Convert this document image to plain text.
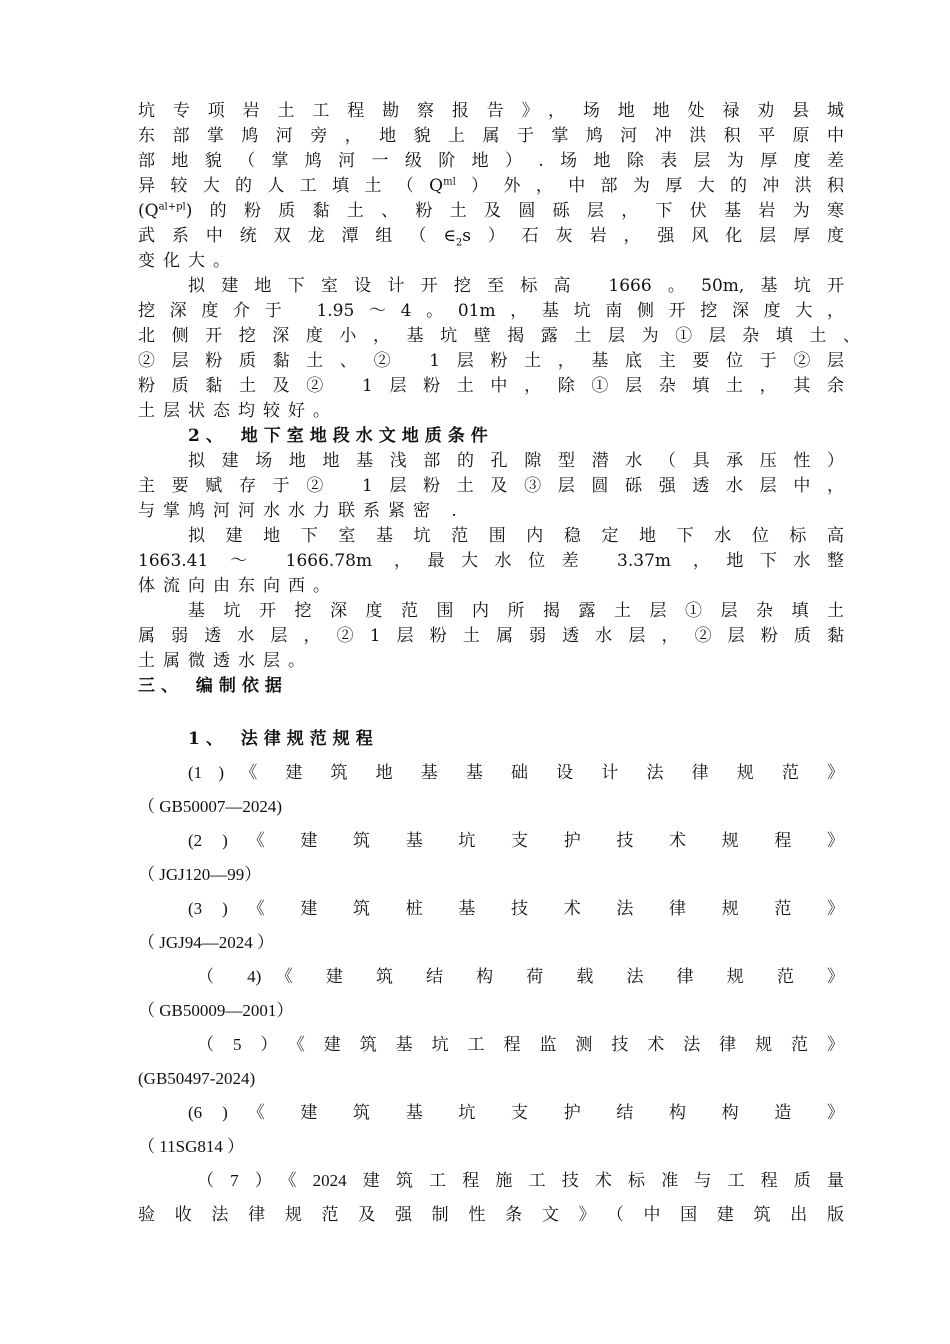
坑专项岩土工程勘察报告》，场地地处禄劝县城
东部掌鸠河旁，地貌上属于掌鸠河冲洪积平原中
部地貌（掌鸠河一级阶地）.场地除表层为厚度差
异较大的人工填土$(Q^{ml})$外，中部为厚大的冲洪积
$(Q^{al+pl})$的粉质黏土、粉土及圆砾层，下伏基岩为寒
武系中统双龙潭组$(\in_2s)$石灰岩，强风化层厚度
变化大。
拟建地下室设计开挖至标高 1666。50m,基坑开
挖深度介于 1.95～4。01m，基坑南侧开挖深度大，
北侧开挖深度小，基坑壁揭露土层为①层杂填土、
②层粉质黏土、② 1层粉土，基底主要位于②层
粉质黏土及② 1层粉土中，除①层杂填土，其余
土层状态均较好。
2、 地下室地段水文地质条件
拟建场地地基浅部的孔隙型潜水（具承压性）
主要赋存于② 1层粉土及③层圆砾强透水层中，
与掌鸠河河水水力联系紧密 .
拟建地下室基坑范围内稳定地下水位标高
1663.41 ～ 1666.78m ，最大水位差 3.37m ，地下水整
体流向由东向西。
基坑开挖深度范围内所揭露土层①层杂填土
属弱透水层，②1层粉土属弱透水层，②层粉质黏
土属微透水层。
三、 编制依据
1、 法律规范规程
(1 ) 《 建 筑 地 基 基 础 设 计 法 律 规 范 》
（ GB50007—2024)
(2 ) 《 建 筑 基 坑 支 护 技 术 规 程 》
（ JGJ120—99）
(3 ) 《 建 筑 桩 基 技 术 法 律 规 范 》
（ JGJ94—2024 ）
（ 4)《 建 筑 结 构 荷 载 法 律 规 范 》
（ GB50009—2001）
（5）《建筑基坑工程监测技术法律规范》
(GB50497-2024)
(6 ) 《 建 筑 基 坑 支 护 结 构 构 造 》
（ 11SG814 ）
（7）《2024建筑工程施工技术标准与工程质量
验收法律规范及强制性条文》（中国建筑出版
